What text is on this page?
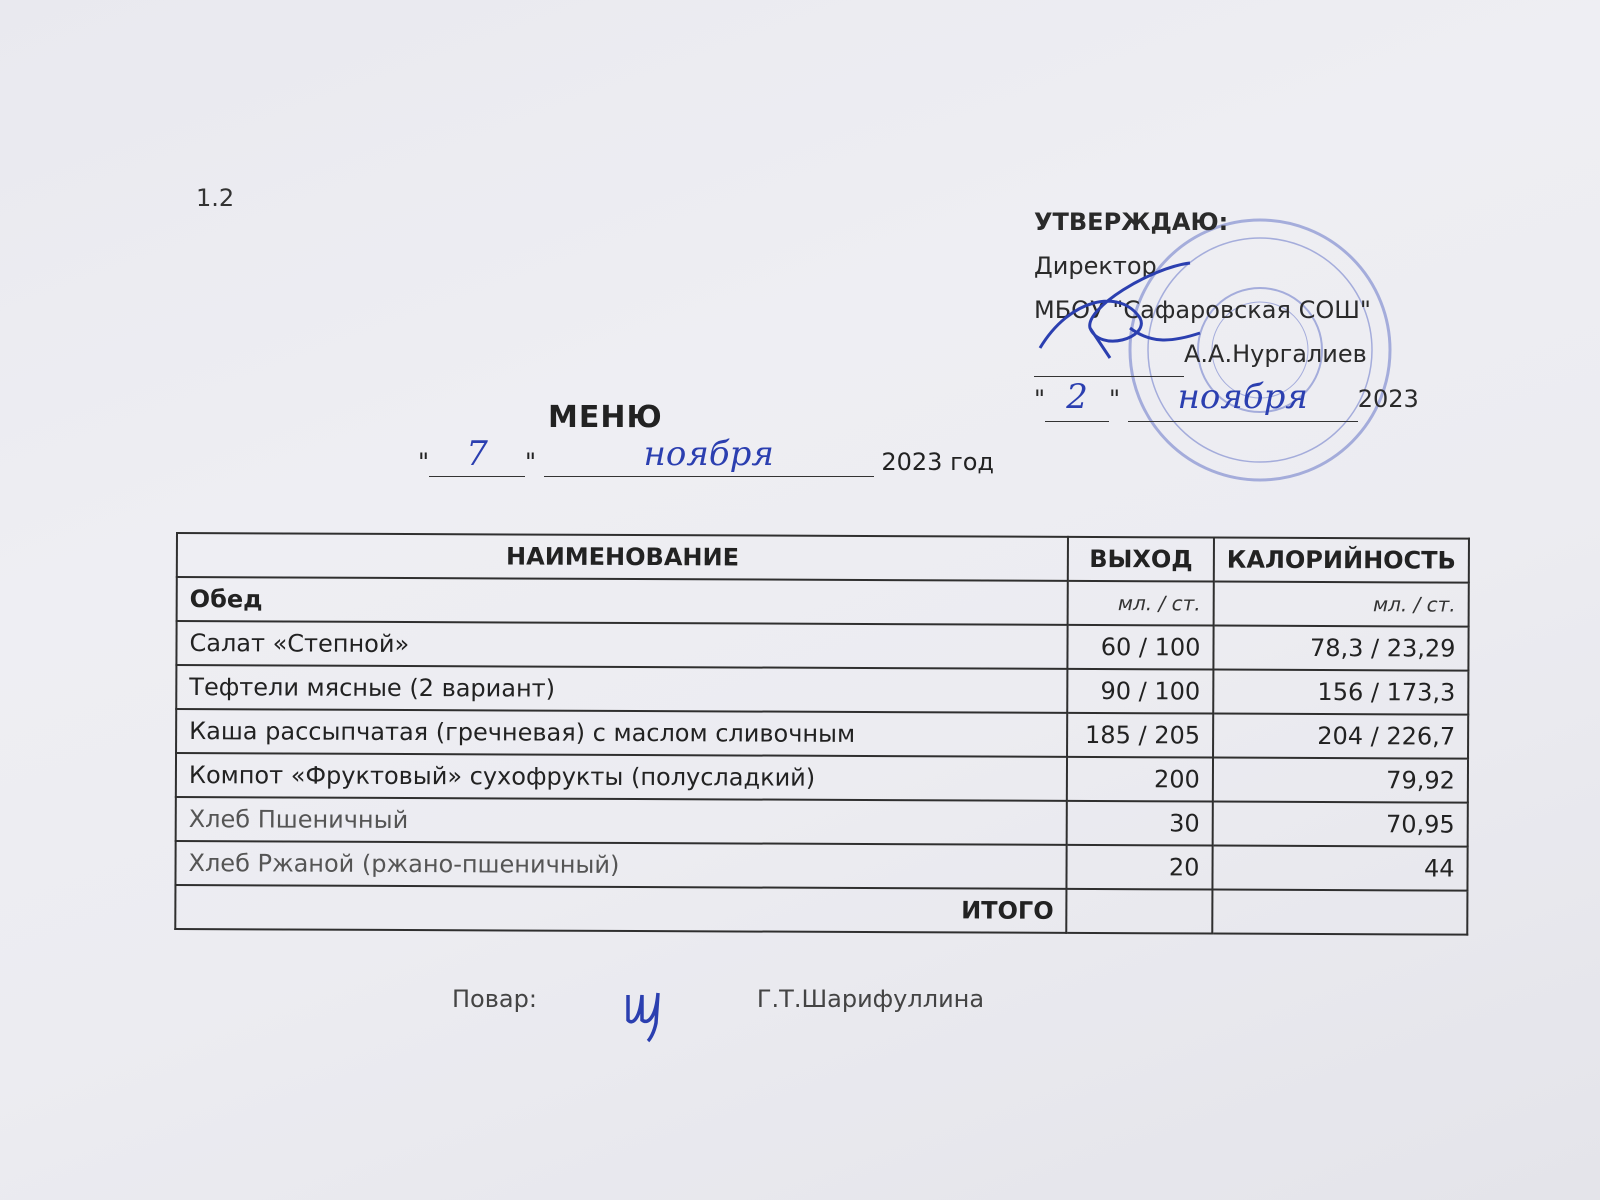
1.2
УТВЕРЖДАЮ:
Директор
МБОУ "Сафаровская СОШ"
А.А.Нургалиев
" 2 "	ноября	2023
МЕНЮ
"	7	"	ноября	2023 год
НАИМЕНОВАНИЕ	ВЫХОД	КАЛОРИЙНОСТЬ
Обед	мл. / ст.	мл. / ст.
Салат «Степной»	60 / 100	78,3 / 23,29
Тефтели мясные (2 вариант)	90 / 100	156 / 173,3
Каша рассыпчатая (гречневая) с маслом сливочным	185 / 205	204 / 226,7
Компот «Фруктовый» сухофрукты (полусладкий)	200	79,92
Хлеб Пшеничный	30	70,95
Хлеб Ржаной (ржано-пшеничный)	20	44
ИТОГО		
Повар:	Г.Т.Шарифуллина
